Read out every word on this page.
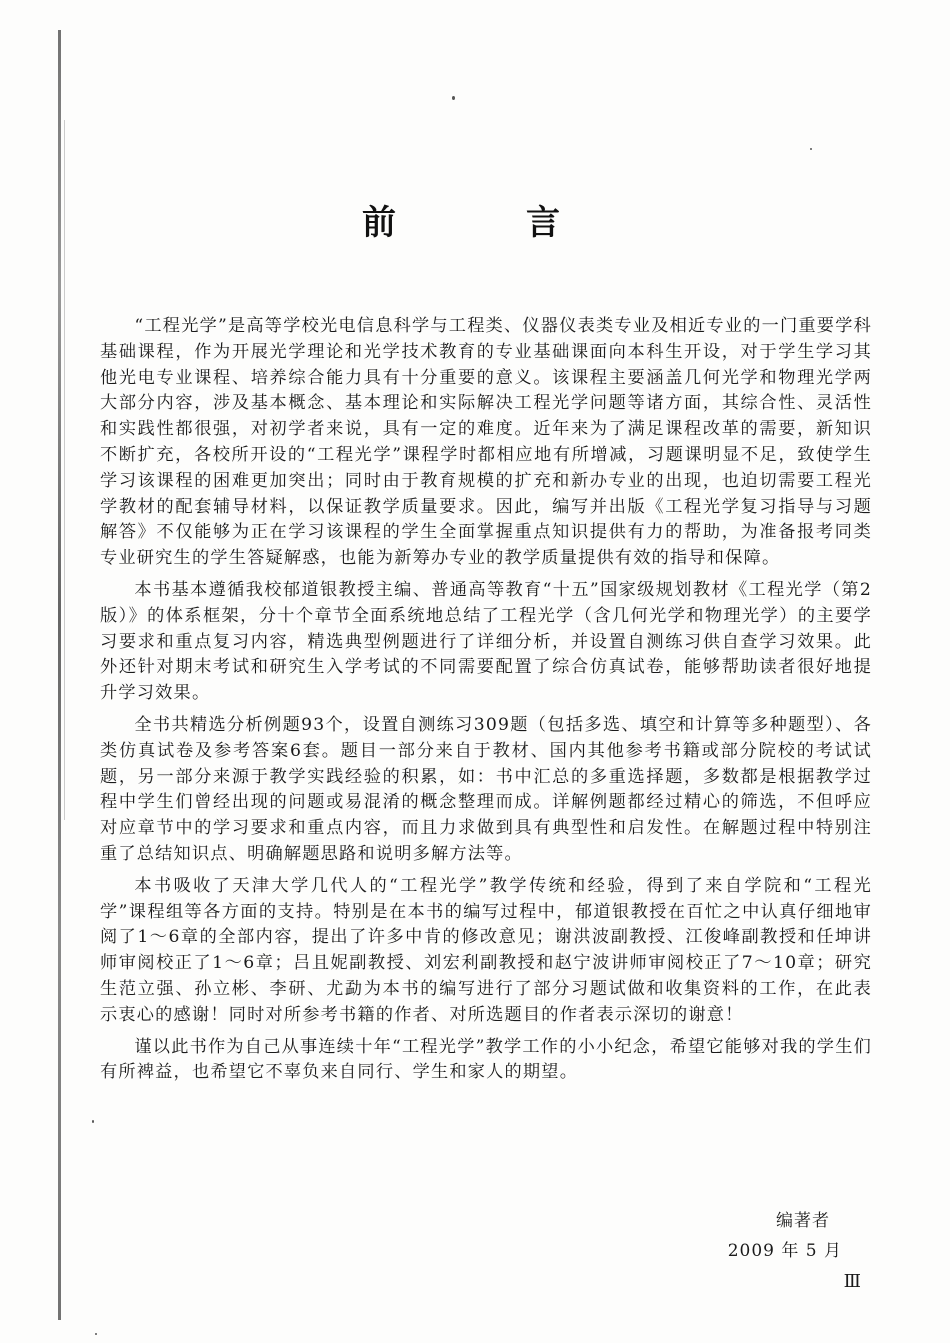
前　言

“工程光学”是高等学校光电信息科学与工程类、仪器仪表类专业及相近专业的一门重要学科基础课程，作为开展光学理论和光学技术教育的专业基础课面向本科生开设，对于学生学习其他光电专业课程、培养综合能力具有十分重要的意义。该课程主要涵盖几何光学和物理光学两大部分内容，涉及基本概念、基本理论和实际解决工程光学问题等诸方面，其综合性、灵活性和实践性都很强，对初学者来说，具有一定的难度。近年来为了满足课程改革的需要，新知识不断扩充，各校所开设的“工程光学”课程学时都相应地有所增减，习题课明显不足，致使学生学习该课程的困难更加突出；同时由于教育规模的扩充和新办专业的出现，也迫切需要工程光学教材的配套辅导材料，以保证教学质量要求。因此，编写并出版《工程光学复习指导与习题解答》不仅能够为正在学习该课程的学生全面掌握重点知识提供有力的帮助，为准备报考同类专业研究生的学生答疑解惑，也能为新筹办专业的教学质量提供有效的指导和保障。

本书基本遵循我校郁道银教授主编、普通高等教育“十五”国家级规划教材《工程光学（第2版）》的体系框架，分十个章节全面系统地总结了工程光学（含几何光学和物理光学）的主要学习要求和重点复习内容，精选典型例题进行了详细分析，并设置自测练习供自查学习效果。此外还针对期末考试和研究生入学考试的不同需要配置了综合仿真试卷，能够帮助读者很好地提升学习效果。

全书共精选分析例题93个，设置自测练习309题（包括多选、填空和计算等多种题型）、各类仿真试卷及参考答案6套。题目一部分来自于教材、国内其他参考书籍或部分院校的考试试题，另一部分来源于教学实践经验的积累，如：书中汇总的多重选择题，多数都是根据教学过程中学生们曾经出现的问题或易混淆的概念整理而成。详解例题都经过精心的筛选，不但呼应对应章节中的学习要求和重点内容，而且力求做到具有典型性和启发性。在解题过程中特别注重了总结知识点、明确解题思路和说明多解方法等。

本书吸收了天津大学几代人的“工程光学”教学传统和经验，得到了来自学院和“工程光学”课程组等各方面的支持。特别是在本书的编写过程中，郁道银教授在百忙之中认真仔细地审阅了1～6章的全部内容，提出了许多中肯的修改意见；谢洪波副教授、江俊峰副教授和任坤讲师审阅校正了1～6章；吕且妮副教授、刘宏利副教授和赵宁波讲师审阅校正了7～10章；研究生范立强、孙立彬、李研、尤勐为本书的编写进行了部分习题试做和收集资料的工作，在此表示衷心的感谢！同时对所参考书籍的作者、对所选题目的作者表示深切的谢意！

谨以此书作为自己从事连续十年“工程光学”教学工作的小小纪念，希望它能够对我的学生们有所裨益，也希望它不辜负来自同行、学生和家人的期望。

编著者
2009 年 5 月
Ⅲ
